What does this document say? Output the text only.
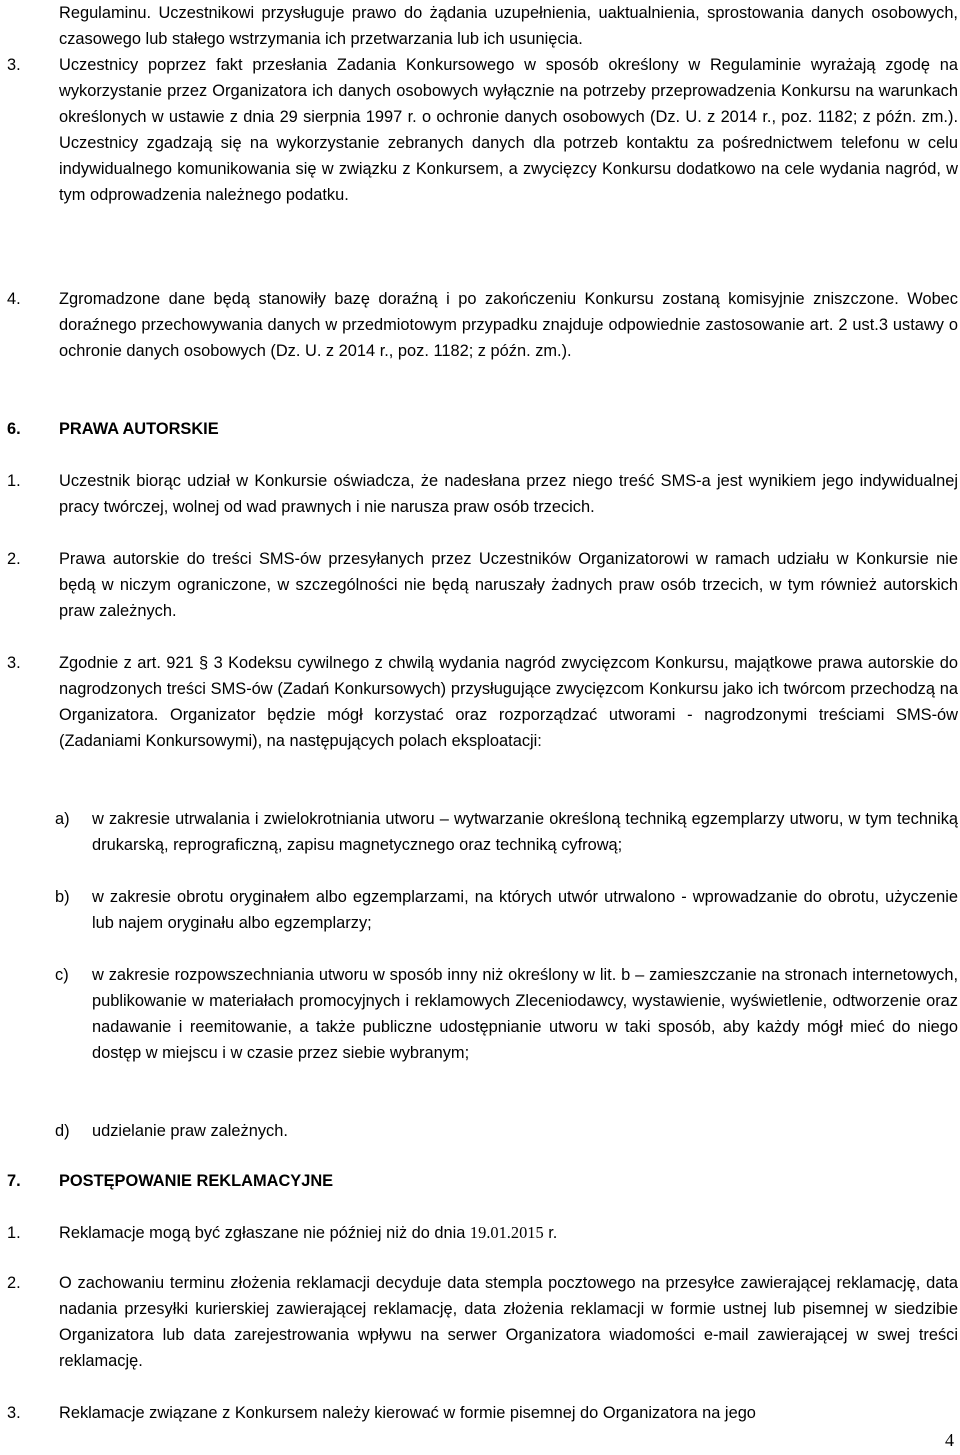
Regulaminu. Uczestnikowi przysługuje prawo do żądania uzupełnienia, uaktualnienia, sprostowania danych osobowych, czasowego lub stałego wstrzymania ich przetwarzania lub ich usunięcia.
3. Uczestnicy poprzez fakt przesłania Zadania Konkursowego w sposób określony w Regulaminie wyrażają zgodę na wykorzystanie przez Organizatora ich danych osobowych wyłącznie na potrzeby przeprowadzenia Konkursu na warunkach określonych w ustawie z dnia 29 sierpnia 1997 r. o ochronie danych osobowych (Dz. U. z 2014 r., poz. 1182; z późn. zm.). Uczestnicy zgadzają się na wykorzystanie zebranych danych dla potrzeb kontaktu za pośrednictwem telefonu w celu indywidualnego komunikowania się w związku z Konkursem, a zwycięzcy Konkursu dodatkowo na cele wydania nagród, w tym odprowadzenia należnego podatku.
4. Zgromadzone dane będą stanowiły bazę doraźną i po zakończeniu Konkursu zostaną komisyjnie zniszczone. Wobec doraźnego przechowywania danych w przedmiotowym przypadku znajduje odpowiednie zastosowanie art. 2 ust.3 ustawy o ochronie danych osobowych (Dz. U. z 2014 r., poz. 1182; z późn. zm.).
6. PRAWA AUTORSKIE
1. Uczestnik biorąc udział w Konkursie oświadcza, że nadesłana przez niego treść SMS-a jest wynikiem jego indywidualnej pracy twórczej, wolnej od wad prawnych i nie narusza praw osób trzecich.
2. Prawa autorskie do treści SMS-ów przesyłanych przez Uczestników Organizatorowi w ramach udziału w Konkursie nie będą w niczym ograniczone, w szczególności nie będą naruszały żadnych praw osób trzecich, w tym również autorskich praw zależnych.
3. Zgodnie z art. 921 § 3 Kodeksu cywilnego z chwilą wydania nagród zwycięzcom Konkursu, majątkowe prawa autorskie do nagrodzonych treści SMS-ów (Zadań Konkursowych) przysługujące zwycięzcom Konkursu jako ich twórcom przechodzą na Organizatora. Organizator będzie mógł korzystać oraz rozporządzać utworami - nagrodzonymi treściami SMS-ów (Zadaniami Konkursowymi), na następujących polach eksploatacji:
a) w zakresie utrwalania i zwielokrotniania utworu – wytwarzanie określoną techniką egzemplarzy utworu, w tym techniką drukarską, reprograficzną, zapisu magnetycznego oraz techniką cyfrową;
b) w zakresie obrotu oryginałem albo egzemplarzami, na których utwór utrwalono - wprowadzanie do obrotu, użyczenie lub najem oryginału albo egzemplarzy;
c) w zakresie rozpowszechniania utworu w sposób inny niż określony w lit. b – zamieszczanie na stronach internetowych, publikowanie w materiałach promocyjnych i reklamowych Zleceniodawcy, wystawienie, wyświetlenie, odtworzenie oraz nadawanie i reemitowanie, a także publiczne udostępnianie utworu w taki sposób, aby każdy mógł mieć do niego dostęp w miejscu i w czasie przez siebie wybranym;
d) udzielanie praw zależnych.
7. POSTĘPOWANIE REKLAMACYJNE
1. Reklamacje mogą być zgłaszane nie później niż do dnia 19.01.2015 r.
2. O zachowaniu terminu złożenia reklamacji decyduje data stempla pocztowego na przesyłce zawierającej reklamację, data nadania przesyłki kurierskiej zawierającej reklamację, data złożenia reklamacji w formie ustnej lub pisemnej w siedzibie Organizatora lub data zarejestrowania wpływu na serwer Organizatora wiadomości e-mail zawierającej w swej treści reklamację.
3. Reklamacje związane z Konkursem należy kierować w formie pisemnej do Organizatora na jego
4
